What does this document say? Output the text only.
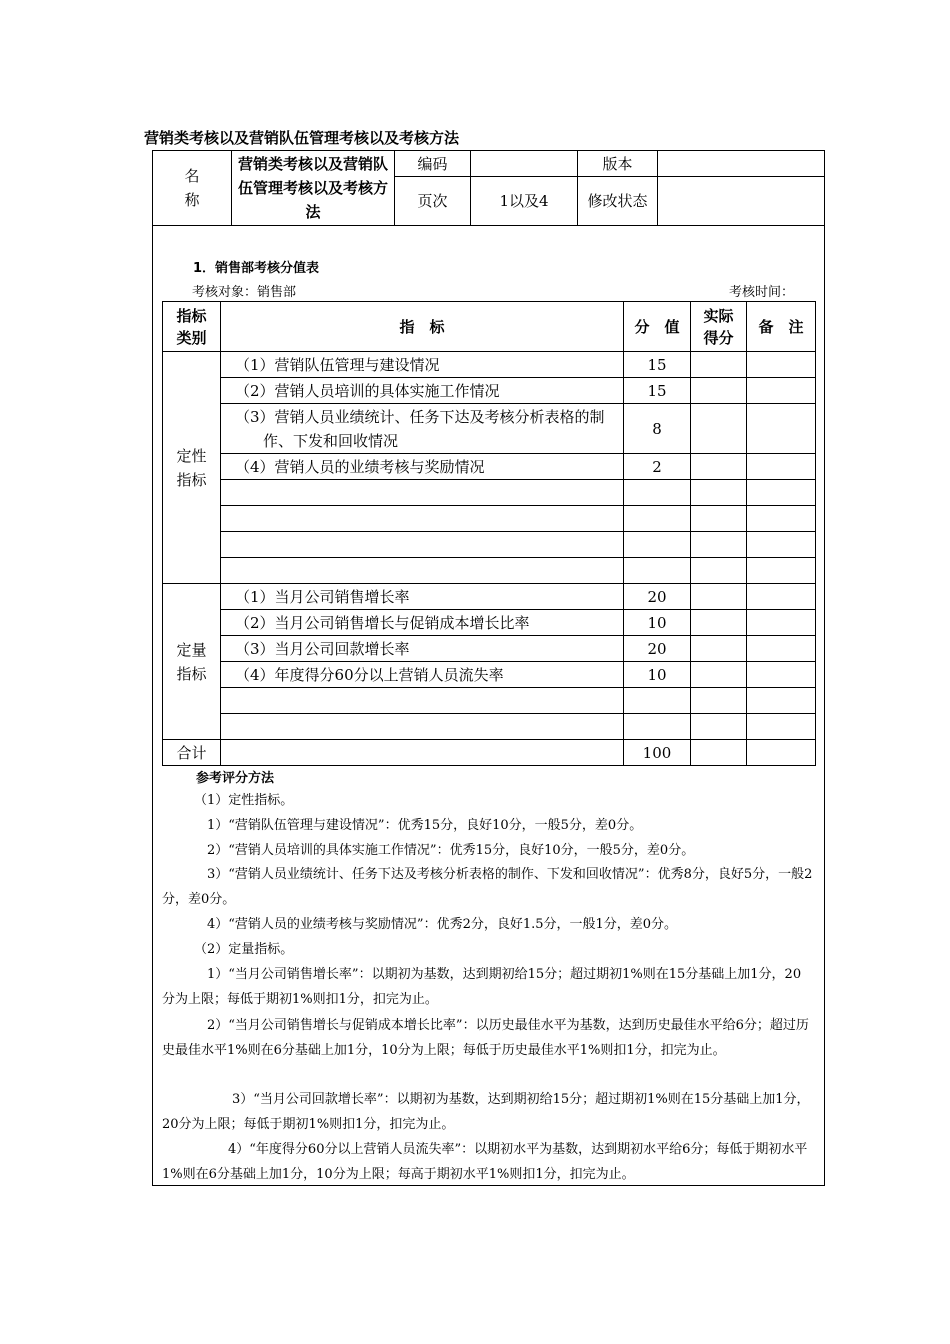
营销类考核以及营销队伍管理考核以及考核方法
名称	营销类考核以及营销队伍管理考核以及考核方法	编码		版本	
		页次	1以及4	修改状态	

1．销售部考核分值表
考核对象：销售部	考核时间：
指标类别	指　标	分　值	实际得分	备　注

定性指标	（1）营销队伍管理与建设情况	15		
	（2）营销人员培训的具体实施工作情况	15		

	（3）营销人员业绩统计、任务下达及考核分析表格的制作、下发和回收情况	8		
	（4）营销人员的业绩考核与奖励情况	2		

定量指标	（1）当月公司销售增长率	20		
	（2）当月公司销售增长与促销成本增长比率	10		
	（3）当月公司回款增长率	20		
	（4）年度得分60分以上营销人员流失率	10		

合计		100		
参考评分方法
（1）定性指标。
1）“营销队伍管理与建设情况”：优秀15分，良好10分，一般5分，差0分。
2）“营销人员培训的具体实施工作情况”：优秀15分，良好10分，一般5分，差0分。
3）“营销人员业绩统计、任务下达及考核分析表格的制作、下发和回收情况”：优秀8分，良好5分，一般2分，差0分。
4）“营销人员的业绩考核与奖励情况”：优秀2分，良好1.5分，一般1分，差0分。
（2）定量指标。
1）“当月公司销售增长率”：以期初为基数，达到期初给15分；超过期初1%则在15分基础上加1分，20分为上限；每低于期初1%则扣1分，扣完为止。
2）“当月公司销售增长与促销成本增长比率”：以历史最佳水平为基数，达到历史最佳水平给6分；超过历史最佳水平1%则在6分基础上加1分，10分为上限；每低于历史最佳水平1%则扣1分，扣完为止。
3）“当月公司回款增长率”：以期初为基数，达到期初给15分；超过期初1%则在15分基础上加1分，20分为上限；每低于期初1%则扣1分，扣完为止。
4）“年度得分60分以上营销人员流失率”：以期初水平为基数，达到期初水平给6分；每低于期初水平1%则在6分基础上加1分，10分为上限；每高于期初水平1%则扣1分，扣完为止。
